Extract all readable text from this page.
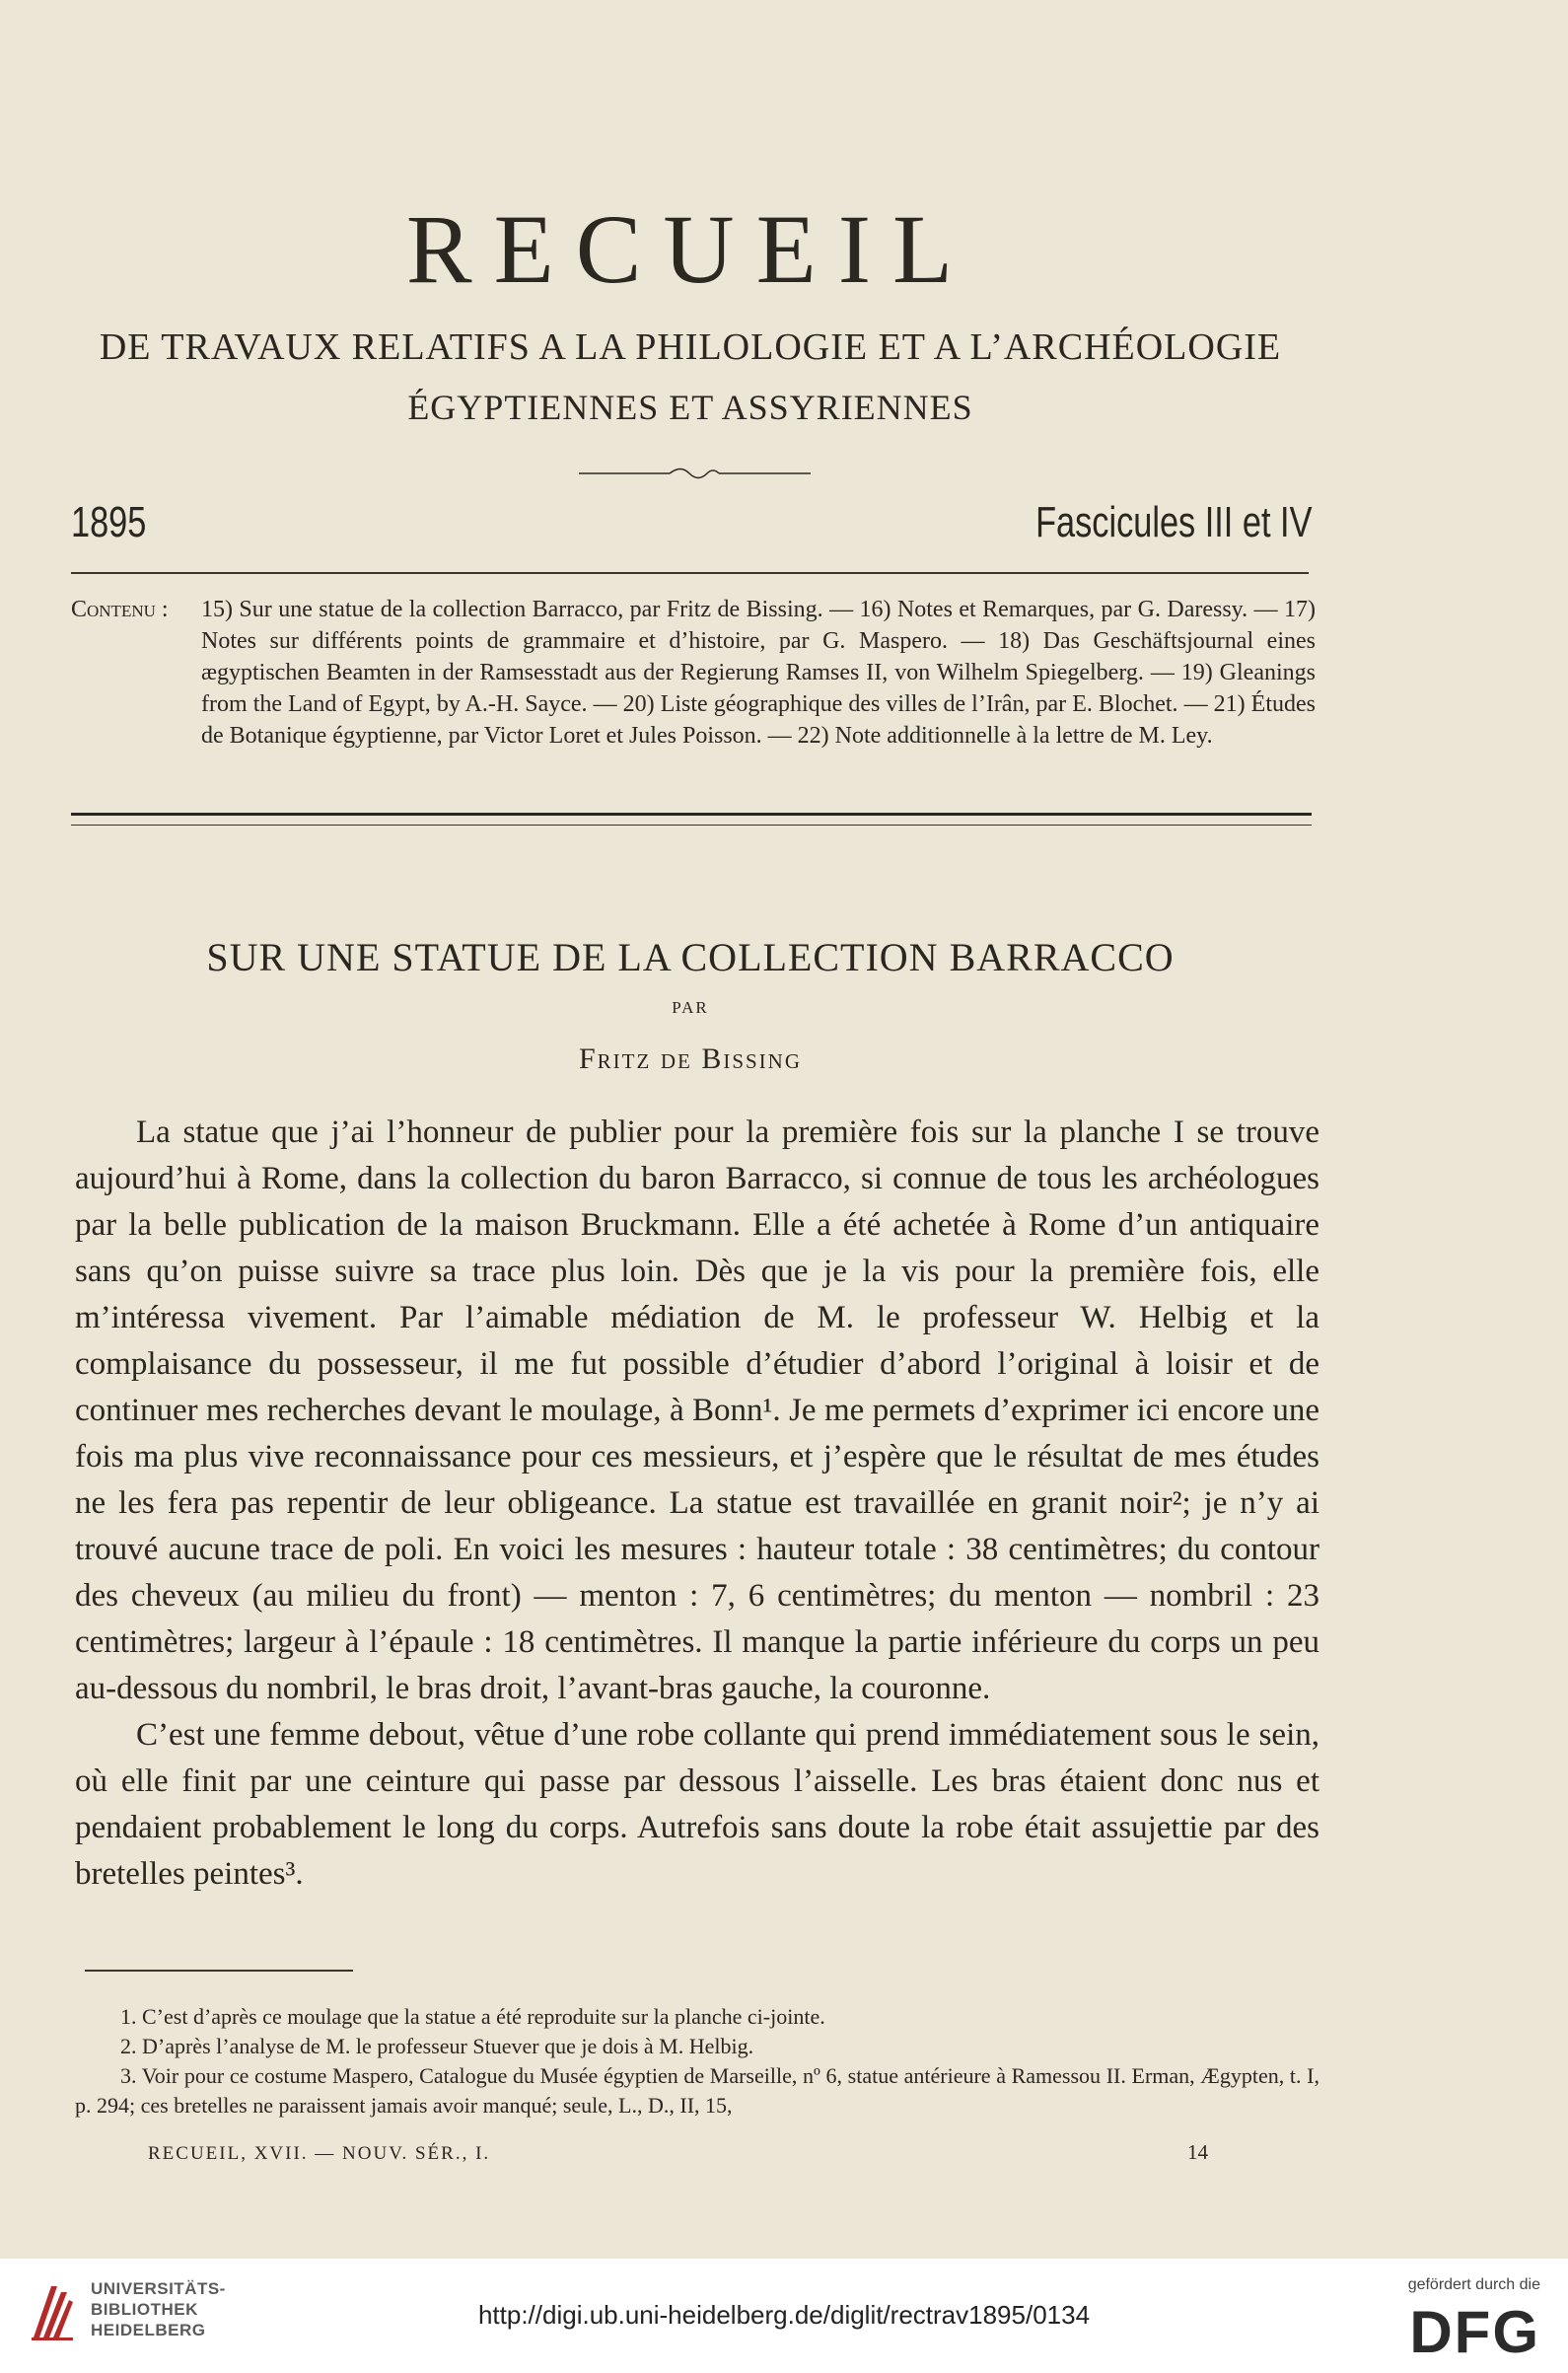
RECUEIL
DE TRAVAUX RELATIFS A LA PHILOLOGIE ET A L’ARCHÉOLOGIE
ÉGYPTIENNES ET ASSYRIENNES
1895	Fascicules III et IV
Contenu :	15) Sur une statue de la collection Barracco, par Fritz de Bissing. — 16) Notes et Remarques, par G. Daressy. — 17) Notes sur différents points de grammaire et d’histoire, par G. Maspero. — 18) Das Geschäftsjournal eines ægyptischen Beamten in der Ramsesstadt aus der Regierung Ramses II, von Wilhelm Spiegelberg. — 19) Gleanings from the Land of Egypt, by A.-H. Sayce. — 20) Liste géographique des villes de l’Irân, par E. Blochet. — 21) Études de Botanique égyptienne, par Victor Loret et Jules Poisson. — 22) Note additionnelle à la lettre de M. Ley.
SUR UNE STATUE DE LA COLLECTION BARRACCO
PAR
Fritz de Bissing

La statue que j’ai l’honneur de publier pour la première fois sur la planche I se trouve aujourd’hui à Rome, dans la collection du baron Barracco, si connue de tous les archéologues par la belle publication de la maison Bruckmann. Elle a été achetée à Rome d’un antiquaire sans qu’on puisse suivre sa trace plus loin. Dès que je la vis pour la première fois, elle m’intéressa vivement. Par l’aimable médiation de M. le professeur W. Helbig et la complaisance du possesseur, il me fut possible d’étudier d’abord l’original à loisir et de continuer mes recherches devant le moulage, à Bonn¹. Je me permets d’exprimer ici encore une fois ma plus vive reconnaissance pour ces messieurs, et j’espère que le résultat de mes études ne les fera pas repentir de leur obligeance. La statue est travaillée en granit noir²; je n’y ai trouvé aucune trace de poli. En voici les mesures : hauteur totale : 38 centimètres; du contour des cheveux (au milieu du front) — menton : 7, 6 centimètres; du menton — nombril : 23 centimètres; largeur à l’épaule : 18 centimètres. Il manque la partie inférieure du corps un peu au-dessous du nombril, le bras droit, l’avant-bras gauche, la couronne.

C’est une femme debout, vêtue d’une robe collante qui prend immédiatement sous le sein, où elle finit par une ceinture qui passe par dessous l’aisselle. Les bras étaient donc nus et pendaient probablement le long du corps. Autrefois sans doute la robe était assujettie par des bretelles peintes³.

1. C’est d’après ce moulage que la statue a été reproduite sur la planche ci-jointe.

2. D’après l’analyse de M. le professeur Stuever que je dois à M. Helbig.

3. Voir pour ce costume Maspero, Catalogue du Musée égyptien de Marseille, nº 6, statue antérieure à Ramessou II. Erman, Ægypten, t. I, p. 294; ces bretelles ne paraissent jamais avoir manqué; seule, L., D., II, 15,

RECUEIL, XVII. — NOUV. SÉR., I.	14
UNIVERSITÄTS-
BIBLIOTHEK
HEIDELBERG
http://digi.ub.uni-heidelberg.de/diglit/rectrav1895/0134
gefördert durch die
DFG
